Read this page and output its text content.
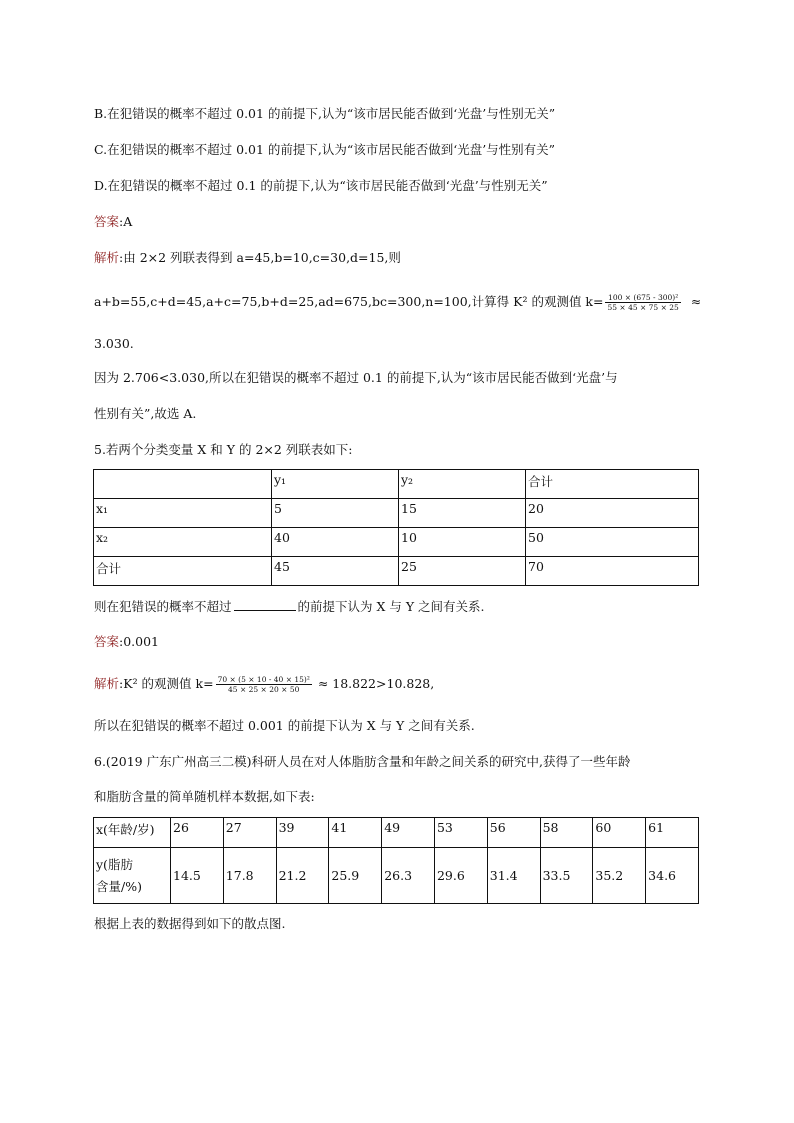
B.在犯错误的概率不超过 0.01 的前提下,认为“该市居民能否做到‘光盘’与性别无关”
C.在犯错误的概率不超过 0.01 的前提下,认为“该市居民能否做到‘光盘’与性别有关”
D.在犯错误的概率不超过 0.1 的前提下,认为“该市居民能否做到‘光盘’与性别无关”
答案:A
解析:由 2×2 列联表得到 a=45,b=10,c=30,d=15,则
a+b=55,c+d=45,a+c=75,b+d=25,ad=675,bc=300,n=100,计算得 K² 的观测值 $k= \frac{\text{100 × (675 - 300)²}}{55 \times 45 \times 75 \times 25}$ ≈
3.030.
因为 2.706<3.030,所以在犯错误的概率不超过 0.1 的前提下,认为“该市居民能否做到‘光盘’与
性别有关”,故选 A.
5.若两个分类变量 X 和 Y 的 2×2 列联表如下:
	y₁	y₂	合计
x₁	5	15	20
x₂	40	10	50
合计	45	25	70
则在犯错误的概率不超过	的前提下认为 X 与 Y 之间有关系.
答案:0.001
解析:K² 的观测值 $k= \frac{\text{70 × (5 × 10 - 40 × 15)²}}{45 \times 25 \times 20 \times 50} \approx 18.822>10.828$,
所以在犯错误的概率不超过 0.001 的前提下认为 X 与 Y 之间有关系.
6.(2019 广东广州高三二模)科研人员在对人体脂肪含量和年龄之间关系的研究中,获得了一些年龄
和脂肪含量的简单随机样本数据,如下表:
x(年龄/岁)	26	27	39	41	49	53	56	58	60	61
y(脂肪
含量/%)	14.5	17.8	21.2	25.9	26.3	29.6	31.4	33.5	35.2	34.6
根据上表的数据得到如下的散点图.
